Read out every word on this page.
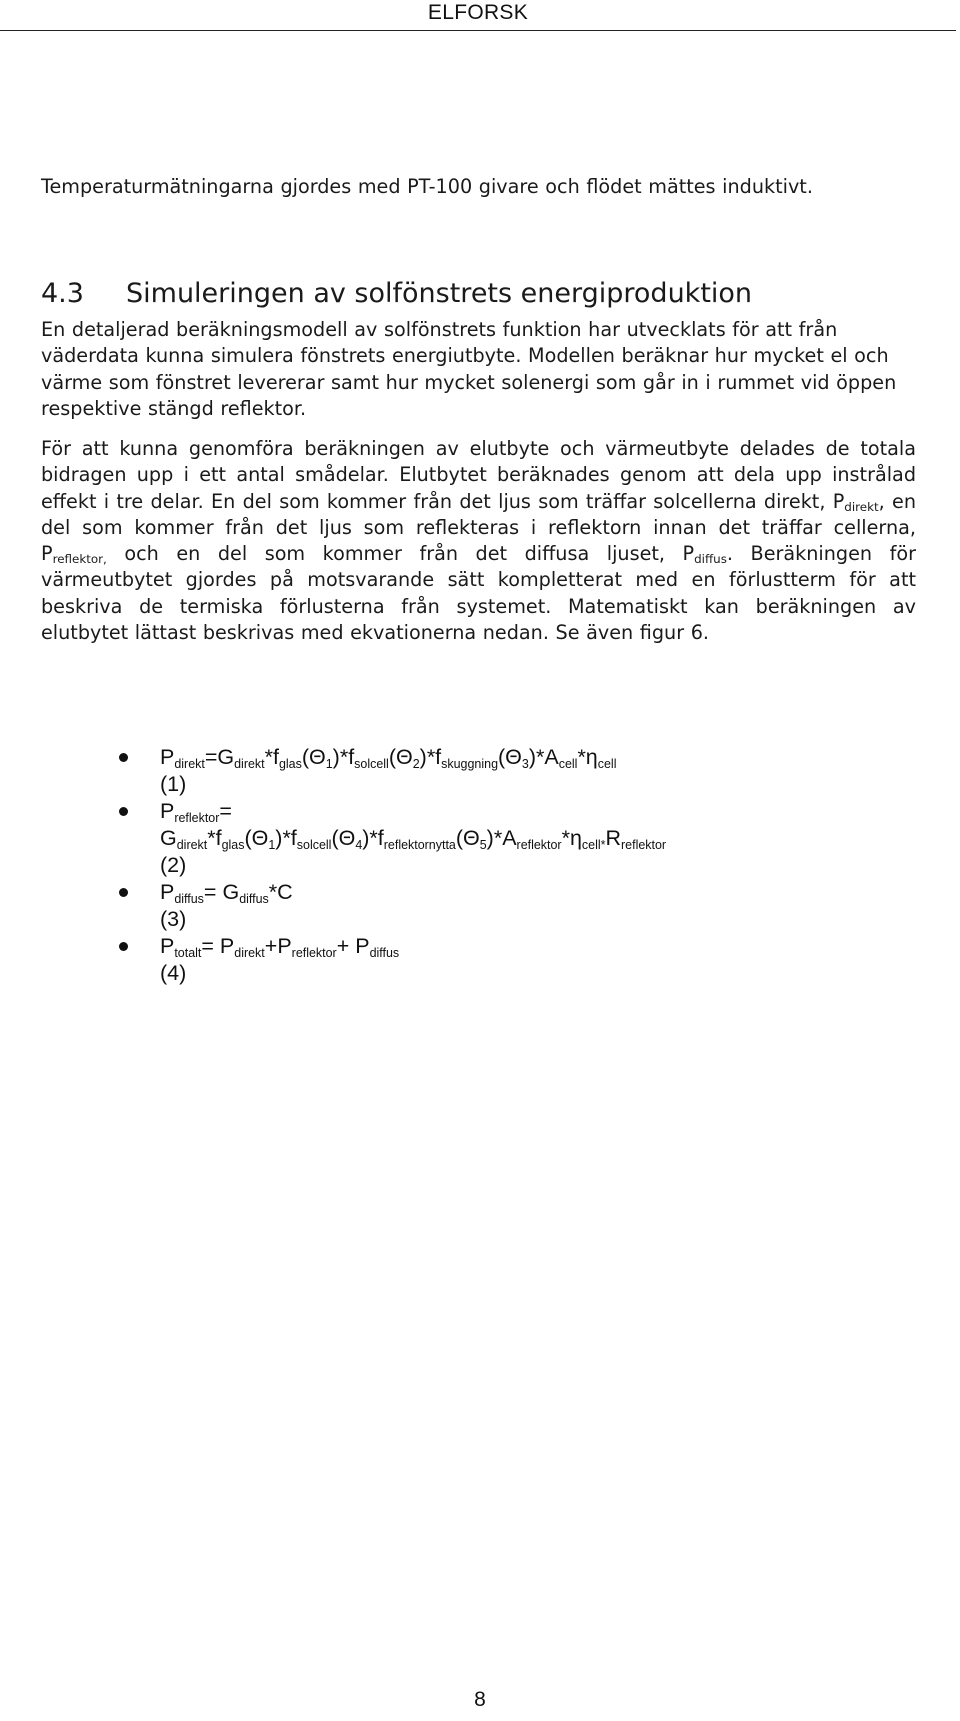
ELFORSK

Temperaturmätningarna gjordes med PT-100 givare och flödet mättes induktivt.

4.3 Simuleringen av solfönstrets energiproduktion

En detaljerad beräkningsmodell av solfönstrets funktion har utvecklats för att från väderdata kunna simulera fönstrets energiutbyte. Modellen beräknar hur mycket el och värme som fönstret levererar samt hur mycket solenergi som går in i rummet vid öppen respektive stängd reflektor.

För att kunna genomföra beräkningen av elutbyte och värmeutbyte delades de totala bidragen upp i ett antal smådelar. Elutbytet beräknades genom att dela upp instrålad effekt i tre delar. En del som kommer från det ljus som träffar solcellerna direkt, $P_{direkt}$, en del som kommer från det ljus som reflekteras i reflektorn innan det träffar cellerna, $P_{reflektor,}$ och en del som kommer från det diffusa ljuset, $P_{diffus}$. Beräkningen för värmeutbytet gjordes på motsvarande sätt kompletterat med en förlustterm för att beskriva de termiska förlusterna från systemet. Matematiskt kan beräkningen av elutbytet lättast beskrivas med ekvationerna nedan. Se även figur 6.

$P_{direkt}=G_{direkt}*f_{glas}(\Theta_1)*f_{solcell}(\Theta_2)*f_{skuggning}(\Theta_3)*A_{cell}*\eta_{cell}$
(1)
$P_{reflektor}=$
$G_{direkt}*f_{glas}(\Theta_1)*f_{solcell}(\Theta_4)*f_{reflektornytta}(\Theta_5)*A_{reflektor}*\eta_{cell*}R_{reflektor}$
(2)
$P_{diffus}= G_{diffus}*C$
(3)
$P_{totalt}= P_{direkt}+P_{reflektor}+ P_{diffus}$
(4)
8
